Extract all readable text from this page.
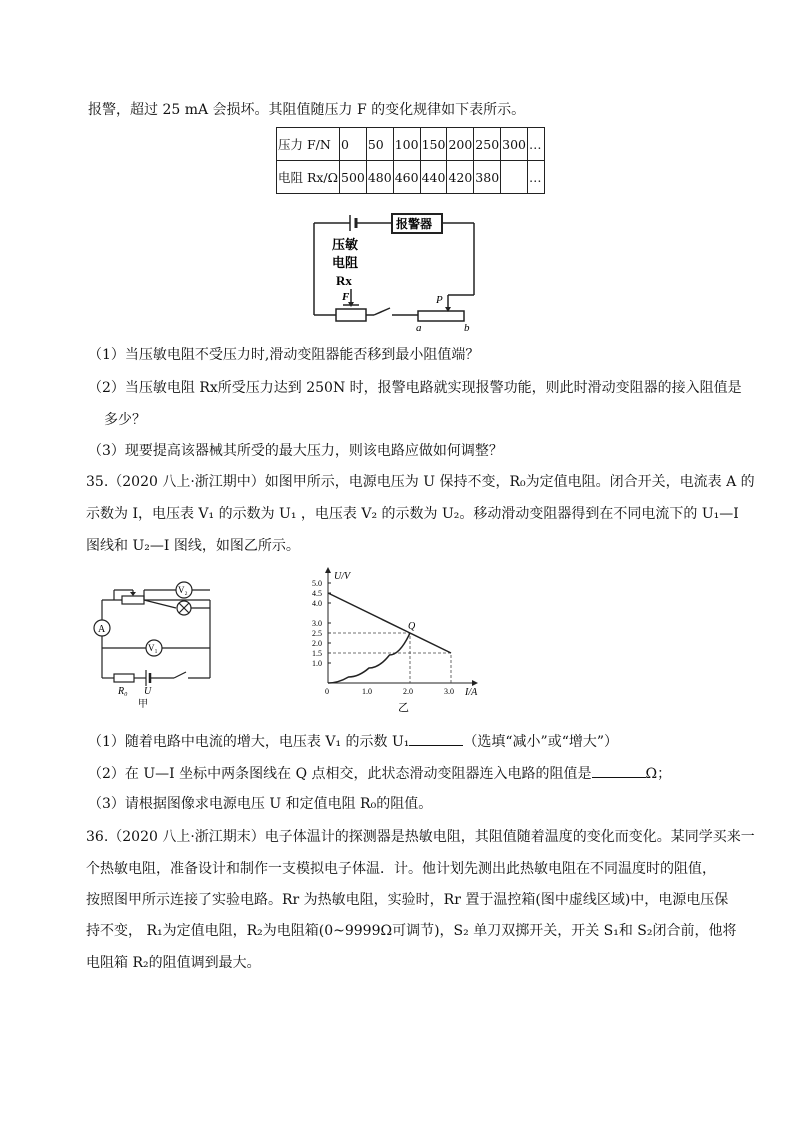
报警，超过 25 mA 会损坏。其阻值随压力 F 的变化规律如下表所示。
压力 F/N	0	50	100	150	200	250	300	…
电阻 Rx/Ω	500	480	460	440	420	380		…
报警器
压敏
电阻
Rx
F	P
a	b
（1）当压敏电阻不受压力时,滑动变阻器能否移到最小阻值端？
（2）当压敏电阻 Rx所受压力达到 250N 时，报警电路就实现报警功能，则此时滑动变阻器的接入阻值是
多少？
（3）现要提高该器械其所受的最大压力，则该电路应做如何调整？
35.（2020 八上·浙江期中）如图甲所示，电源电压为 U 保持不变，R₀为定值电阻。闭合开关，电流表 A 的
示数为 I，电压表 V₁ 的示数为 U₁ ，电压表 V₂ 的示数为 U₂。移动滑动变阻器得到在不同电流下的 U₁—I
图线和 U₂—I 图线，如图乙所示。
A
V₂
V₁
R₀ U
甲
1.0
1.5
2.0
2.5
3.0
4.0
4.5
5.0
0	1.0	2.0	3.0
U/V
I/A
Q
乙
（1）随着电路中电流的增大，电压表 V₁ 的示数 U₁	（选填“减小”或“增大”）
（2）在 U—I 坐标中两条图线在 Q 点相交，此状态滑动变阻器连入电路的阻值是	Ω；
（3）请根据图像求电源电压 U 和定值电阻 R₀的阻值。
36.（2020 八上·浙江期末）电子体温计的探测器是热敏电阻，其阻值随着温度的变化而变化。某同学买来一
个热敏电阻，准备设计和制作一支模拟电子体温．计。他计划先测出此热敏电阻在不同温度时的阻值，
按照图甲所示连接了实验电路。Rr 为热敏电阻，实验时，Rr 置于温控箱(图中虚线区域)中，电源电压保
持不变， R₁为定值电阻，R₂为电阻箱(0~9999Ω可调节)，S₂ 单刀双掷开关，开关 S₁和 S₂闭合前，他将
电阻箱 R₂的阻值调到最大。
